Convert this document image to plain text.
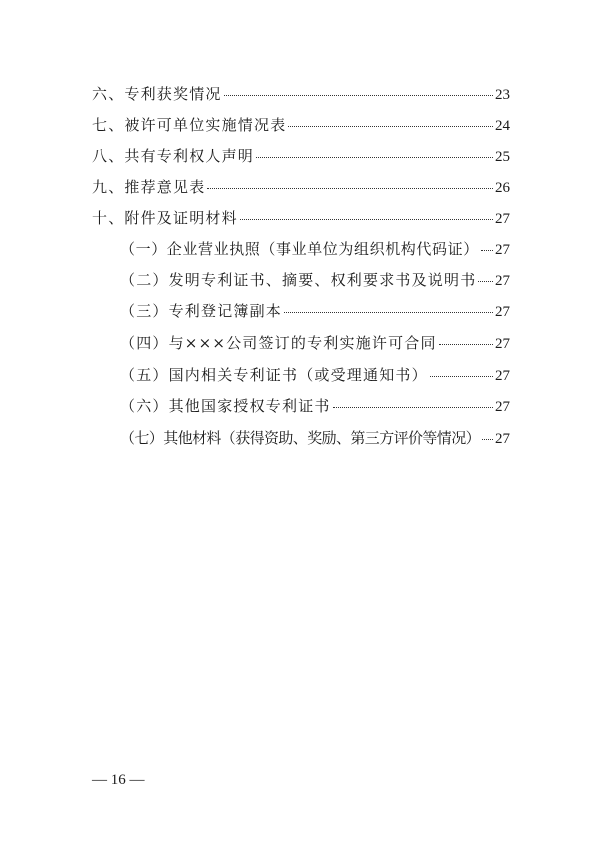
六、专利获奖情况	23
七、被许可单位实施情况表	24
八、共有专利权人声明	25
九、推荐意见表	26
十、附件及证明材料	27
（一）企业营业执照（事业单位为组织机构代码证） 27
（二）发明专利证书、摘要、权利要求书及说明书 27
（三）专利登记簿副本	27
（四）与×××公司签订的专利实施许可合同	27
（五）国内相关专利证书（或受理通知书）	27
（六）其他国家授权专利证书	27
（七）其他材料（获得资助、奖励、第三方评价等情况） 27
— 16 —
